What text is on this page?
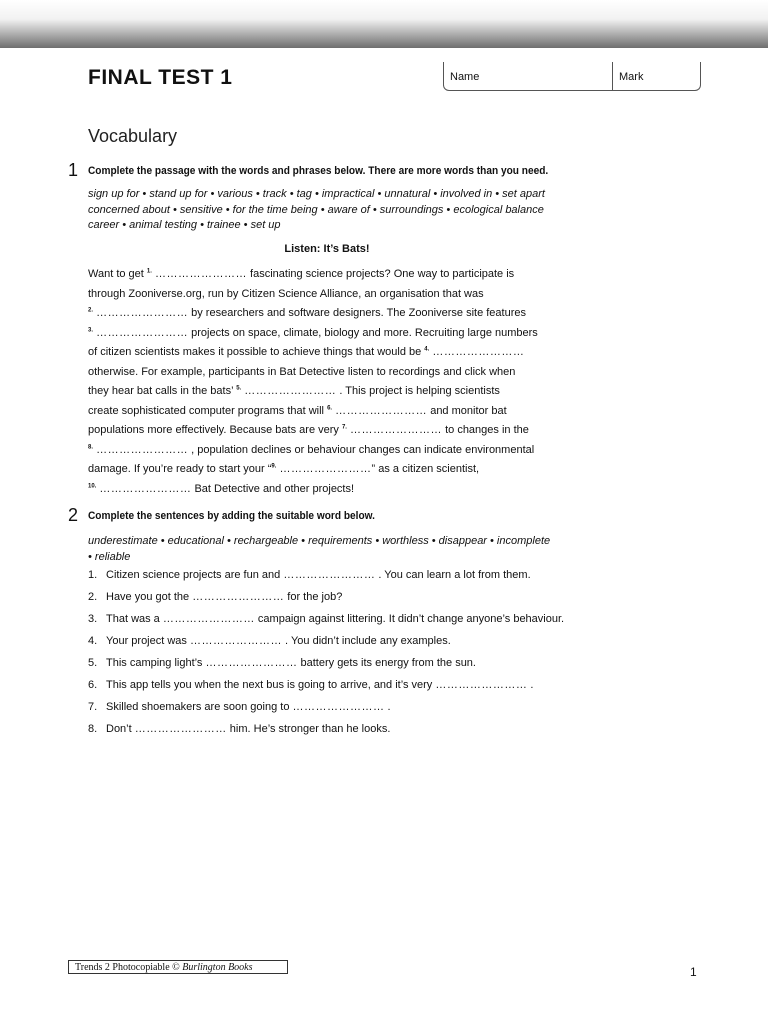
FINAL TEST 1	Name	Mark
Vocabulary
1 Complete the passage with the words and phrases below. There are more words than you need.
sign up for • stand up for • various • track • tag • impractical • unnatural • involved in • set apart
concerned about • sensitive • for the time being • aware of • surroundings • ecological balance
career • animal testing • trainee • set up
Listen: It’s Bats!
Want to get $^{1.}$ …………………… fascinating science projects? One way to participate is
through Zooniverse.org, run by Citizen Science Alliance, an organisation that was
$^{2.}$ …………………… by researchers and software designers. The Zooniverse site features
$^{3.}$ …………………… projects on space, climate, biology and more. Recruiting large numbers
of citizen scientists makes it possible to achieve things that would be $^{4.}$ ……………………
otherwise. For example, participants in Bat Detective listen to recordings and click when
they hear bat calls in the bats’ $^{5.}$ …………………… . This project is helping scientists
create sophisticated computer programs that will $^{6.}$ …………………… and monitor bat
populations more effectively. Because bats are very $^{7.}$ …………………… to changes in the
$^{8.}$ …………………… , population declines or behaviour changes can indicate environmental
damage. If you’re ready to start your “$^{9.}$ ……………………” as a citizen scientist,
$^{10.}$ …………………… Bat Detective and other projects!
2 Complete the sentences by adding the suitable word below.
underestimate • educational • rechargeable • requirements • worthless • disappear • incomplete
• reliable
1. Citizen science projects are fun and …………………… . You can learn a lot from them.
2. Have you got the …………………… for the job?
3. That was a …………………… campaign against littering. It didn’t change anyone’s behaviour.
4. Your project was …………………… . You didn’t include any examples.
5. This camping light’s …………………… battery gets its energy from the sun.
6. This app tells you when the next bus is going to arrive, and it’s very …………………… .
7. Skilled shoemakers are soon going to …………………… .
8. Don’t …………………… him. He’s stronger than he looks.
Trends 2 Photocopiable © Burlington Books	1
